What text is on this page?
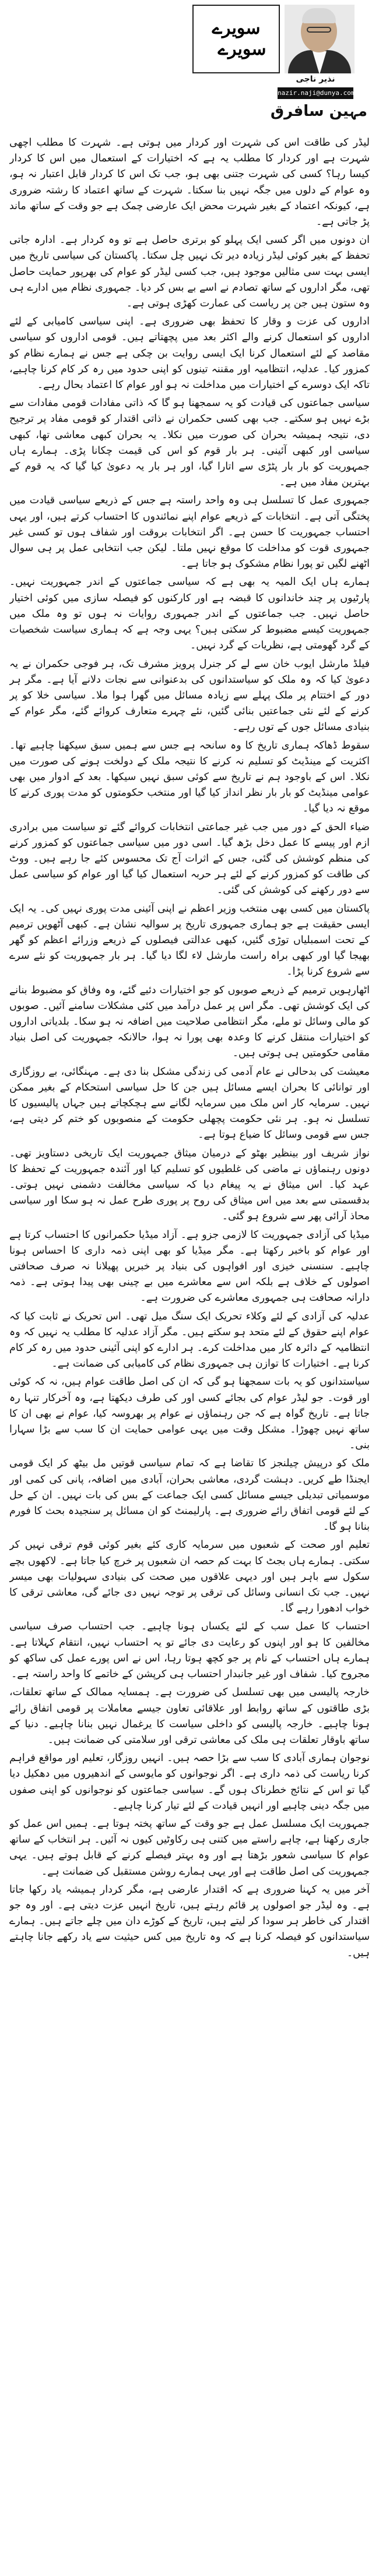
سویرے
سویرے
نذیر ناجی
nazir.naji@dunya.com.pk
مہین سافرق

لیڈر کی طاقت اس کی شہرت اور کردار میں ہوتی ہے۔ شہرت کا مطلب اچھی شہرت ہے اور کردار کا مطلب یہ ہے کہ اختیارات کے استعمال میں اس کا کردار کیسا رہا؟ کسی کی شہرت جتنی بھی ہو، جب تک اس کا کردار قابل اعتبار نہ ہو، وہ عوام کے دلوں میں جگہ نہیں بنا سکتا۔ شہرت کے ساتھ اعتماد کا رشتہ ضروری ہے، کیونکہ اعتماد کے بغیر شہرت محض ایک عارضی چمک ہے جو وقت کے ساتھ ماند پڑ جاتی ہے۔

ان دونوں میں اگر کسی ایک پہلو کو برتری حاصل ہے تو وہ کردار ہے۔ ادارہ جاتی تحفظ کے بغیر کوئی لیڈر زیادہ دیر تک نہیں چل سکتا۔ پاکستان کی سیاسی تاریخ میں ایسی بہت سی مثالیں موجود ہیں، جب کسی لیڈر کو عوام کی بھرپور حمایت حاصل تھی، مگر اداروں کے ساتھ تصادم نے اسے بے بس کر دیا۔ جمہوری نظام میں ادارے ہی وہ ستون ہیں جن پر ریاست کی عمارت کھڑی ہوتی ہے۔

اداروں کی عزت و وقار کا تحفظ بھی ضروری ہے۔ اپنی سیاسی کامیابی کے لئے اداروں کو استعمال کرنے والے اکثر بعد میں پچھتاتے ہیں۔ قومی اداروں کو سیاسی مقاصد کے لئے استعمال کرنا ایک ایسی روایت بن چکی ہے جس نے ہمارے نظام کو کمزور کیا۔ عدلیہ، انتظامیہ اور مقننہ تینوں کو اپنی حدود میں رہ کر کام کرنا چاہیے، تاکہ ایک دوسرے کے اختیارات میں مداخلت نہ ہو اور عوام کا اعتماد بحال رہے۔

سیاسی جماعتوں کی قیادت کو یہ سمجھنا ہو گا کہ ذاتی مفادات قومی مفادات سے بڑے نہیں ہو سکتے۔ جب بھی کسی حکمران نے ذاتی اقتدار کو قومی مفاد پر ترجیح دی، نتیجہ ہمیشہ بحران کی صورت میں نکلا۔ یہ بحران کبھی معاشی تھا، کبھی سیاسی اور کبھی آئینی۔ ہر بار قوم کو اس کی قیمت چکانا پڑی۔ ہمارے ہاں جمہوریت کو بار بار پٹڑی سے اتارا گیا، اور ہر بار یہ دعویٰ کیا گیا کہ یہ قوم کے بہترین مفاد میں ہے۔

جمہوری عمل کا تسلسل ہی وہ واحد راستہ ہے جس کے ذریعے سیاسی قیادت میں پختگی آتی ہے۔ انتخابات کے ذریعے عوام اپنے نمائندوں کا احتساب کرتے ہیں، اور یہی احتساب جمہوریت کا حسن ہے۔ اگر انتخابات بروقت اور شفاف ہوں تو کسی غیر جمہوری قوت کو مداخلت کا موقع نہیں ملتا۔ لیکن جب انتخابی عمل پر ہی سوال اٹھنے لگیں تو پورا نظام مشکوک ہو جاتا ہے۔

ہمارے ہاں ایک المیہ یہ بھی ہے کہ سیاسی جماعتوں کے اندر جمہوریت نہیں۔ پارٹیوں پر چند خاندانوں کا قبضہ ہے اور کارکنوں کو فیصلہ سازی میں کوئی اختیار حاصل نہیں۔ جب جماعتوں کے اندر جمہوری روایات نہ ہوں تو وہ ملک میں جمہوریت کیسے مضبوط کر سکتی ہیں؟ یہی وجہ ہے کہ ہماری سیاست شخصیات کے گرد گھومتی ہے، نظریات کے گرد نہیں۔

فیلڈ مارشل ایوب خان سے لے کر جنرل پرویز مشرف تک، ہر فوجی حکمران نے یہ دعویٰ کیا کہ وہ ملک کو سیاستدانوں کی بدعنوانی سے نجات دلانے آیا ہے۔ مگر ہر دور کے اختتام پر ملک پہلے سے زیادہ مسائل میں گھرا ہوا ملا۔ سیاسی خلا کو پر کرنے کے لئے نئی جماعتیں بنائی گئیں، نئے چہرے متعارف کروائے گئے، مگر عوام کے بنیادی مسائل جوں کے توں رہے۔

سقوط ڈھاکہ ہماری تاریخ کا وہ سانحہ ہے جس سے ہمیں سبق سیکھنا چاہیے تھا۔ اکثریت کے مینڈیٹ کو تسلیم نہ کرنے کا نتیجہ ملک کے دولخت ہونے کی صورت میں نکلا۔ اس کے باوجود ہم نے تاریخ سے کوئی سبق نہیں سیکھا۔ بعد کے ادوار میں بھی عوامی مینڈیٹ کو بار بار نظر انداز کیا گیا اور منتخب حکومتوں کو مدت پوری کرنے کا موقع نہ دیا گیا۔

ضیاء الحق کے دور میں جب غیر جماعتی انتخابات کروائے گئے تو سیاست میں برادری ازم اور پیسے کا عمل دخل بڑھ گیا۔ اسی دور میں سیاسی جماعتوں کو کمزور کرنے کی منظم کوشش کی گئی، جس کے اثرات آج تک محسوس کئے جا رہے ہیں۔ ووٹ کی طاقت کو کمزور کرنے کے لئے ہر حربہ استعمال کیا گیا اور عوام کو سیاسی عمل سے دور رکھنے کی کوشش کی گئی۔

پاکستان میں کسی بھی منتخب وزیر اعظم نے اپنی آئینی مدت پوری نہیں کی۔ یہ ایک ایسی حقیقت ہے جو ہماری جمہوری تاریخ پر سوالیہ نشان ہے۔ کبھی آٹھویں ترمیم کے تحت اسمبلیاں توڑی گئیں، کبھی عدالتی فیصلوں کے ذریعے وزرائے اعظم کو گھر بھیجا گیا اور کبھی براہ راست مارشل لاء لگا دیا گیا۔ ہر بار جمہوریت کو نئے سرے سے شروع کرنا پڑا۔

اٹھارہویں ترمیم کے ذریعے صوبوں کو جو اختیارات دئیے گئے، وہ وفاق کو مضبوط بنانے کی ایک کوشش تھی۔ مگر اس پر عمل درآمد میں کئی مشکلات سامنے آئیں۔ صوبوں کو مالی وسائل تو ملے، مگر انتظامی صلاحیت میں اضافہ نہ ہو سکا۔ بلدیاتی اداروں کو اختیارات منتقل کرنے کا وعدہ بھی پورا نہ ہوا، حالانکہ جمہوریت کی اصل بنیاد مقامی حکومتیں ہی ہوتی ہیں۔

معیشت کی بدحالی نے عام آدمی کی زندگی مشکل بنا دی ہے۔ مہنگائی، بے روزگاری اور توانائی کا بحران ایسے مسائل ہیں جن کا حل سیاسی استحکام کے بغیر ممکن نہیں۔ سرمایہ کار اس ملک میں سرمایہ لگانے سے ہچکچاتے ہیں جہاں پالیسیوں کا تسلسل نہ ہو۔ ہر نئی حکومت پچھلی حکومت کے منصوبوں کو ختم کر دیتی ہے، جس سے قومی وسائل کا ضیاع ہوتا ہے۔

نواز شریف اور بینظیر بھٹو کے درمیان میثاق جمہوریت ایک تاریخی دستاویز تھی۔ دونوں رہنماؤں نے ماضی کی غلطیوں کو تسلیم کیا اور آئندہ جمہوریت کے تحفظ کا عہد کیا۔ اس میثاق نے یہ پیغام دیا کہ سیاسی مخالفت دشمنی نہیں ہوتی۔ بدقسمتی سے بعد میں اس میثاق کی روح پر پوری طرح عمل نہ ہو سکا اور سیاسی محاذ آرائی پھر سے شروع ہو گئی۔

میڈیا کی آزادی جمہوریت کا لازمی جزو ہے۔ آزاد میڈیا حکمرانوں کا احتساب کرتا ہے اور عوام کو باخبر رکھتا ہے۔ مگر میڈیا کو بھی اپنی ذمہ داری کا احساس ہونا چاہیے۔ سنسنی خیزی اور افواہوں کی بنیاد پر خبریں پھیلانا نہ صرف صحافتی اصولوں کے خلاف ہے بلکہ اس سے معاشرے میں بے چینی بھی پیدا ہوتی ہے۔ ذمہ دارانہ صحافت ہی جمہوری معاشرے کی ضرورت ہے۔

عدلیہ کی آزادی کے لئے وکلاء تحریک ایک سنگ میل تھی۔ اس تحریک نے ثابت کیا کہ عوام اپنے حقوق کے لئے متحد ہو سکتے ہیں۔ مگر آزاد عدلیہ کا مطلب یہ نہیں کہ وہ انتظامیہ کے دائرہ کار میں مداخلت کرے۔ ہر ادارے کو اپنی آئینی حدود میں رہ کر کام کرنا ہے۔ اختیارات کا توازن ہی جمہوری نظام کی کامیابی کی ضمانت ہے۔

سیاستدانوں کو یہ بات سمجھنا ہو گی کہ ان کی اصل طاقت عوام ہیں، نہ کہ کوئی اور قوت۔ جو لیڈر عوام کی بجائے کسی اور کی طرف دیکھتا ہے، وہ آخرکار تنہا رہ جاتا ہے۔ تاریخ گواہ ہے کہ جن رہنماؤں نے عوام پر بھروسہ کیا، عوام نے بھی ان کا ساتھ نہیں چھوڑا۔ مشکل وقت میں یہی عوامی حمایت ان کا سب سے بڑا سہارا بنی۔

ملک کو درپیش چیلنجز کا تقاضا ہے کہ تمام سیاسی قوتیں مل بیٹھ کر ایک قومی ایجنڈا طے کریں۔ دہشت گردی، معاشی بحران، آبادی میں اضافہ، پانی کی کمی اور موسمیاتی تبدیلی جیسے مسائل کسی ایک جماعت کے بس کی بات نہیں۔ ان کے حل کے لئے قومی اتفاق رائے ضروری ہے۔ پارلیمنٹ کو ان مسائل پر سنجیدہ بحث کا فورم بنانا ہو گا۔

تعلیم اور صحت کے شعبوں میں سرمایہ کاری کئے بغیر کوئی قوم ترقی نہیں کر سکتی۔ ہمارے ہاں بجٹ کا بہت کم حصہ ان شعبوں پر خرچ کیا جاتا ہے۔ لاکھوں بچے سکول سے باہر ہیں اور دیہی علاقوں میں صحت کی بنیادی سہولیات بھی میسر نہیں۔ جب تک انسانی وسائل کی ترقی پر توجہ نہیں دی جائے گی، معاشی ترقی کا خواب ادھورا رہے گا۔

احتساب کا عمل سب کے لئے یکساں ہونا چاہیے۔ جب احتساب صرف سیاسی مخالفین کا ہو اور اپنوں کو رعایت دی جائے تو یہ احتساب نہیں، انتقام کہلاتا ہے۔ ہمارے ہاں احتساب کے نام پر جو کچھ ہوتا رہا، اس نے اس پورے عمل کی ساکھ کو مجروح کیا۔ شفاف اور غیر جانبدار احتساب ہی کرپشن کے خاتمے کا واحد راستہ ہے۔

خارجہ پالیسی میں بھی تسلسل کی ضرورت ہے۔ ہمسایہ ممالک کے ساتھ تعلقات، بڑی طاقتوں کے ساتھ روابط اور علاقائی تعاون جیسے معاملات پر قومی اتفاق رائے ہونا چاہیے۔ خارجہ پالیسی کو داخلی سیاست کا یرغمال نہیں بنانا چاہیے۔ دنیا کے ساتھ باوقار تعلقات ہی ملک کی معاشی ترقی اور سلامتی کی ضمانت ہیں۔

نوجوان ہماری آبادی کا سب سے بڑا حصہ ہیں۔ انہیں روزگار، تعلیم اور مواقع فراہم کرنا ریاست کی ذمہ داری ہے۔ اگر نوجوانوں کو مایوسی کے اندھیروں میں دھکیل دیا گیا تو اس کے نتائج خطرناک ہوں گے۔ سیاسی جماعتوں کو نوجوانوں کو اپنی صفوں میں جگہ دینی چاہیے اور انہیں قیادت کے لئے تیار کرنا چاہیے۔

جمہوریت ایک مسلسل عمل ہے جو وقت کے ساتھ پختہ ہوتا ہے۔ ہمیں اس عمل کو جاری رکھنا ہے، چاہے راستے میں کتنی ہی رکاوٹیں کیوں نہ آئیں۔ ہر انتخاب کے ساتھ عوام کا سیاسی شعور بڑھتا ہے اور وہ بہتر فیصلے کرنے کے قابل ہوتے ہیں۔ یہی جمہوریت کی اصل طاقت ہے اور یہی ہمارے روشن مستقبل کی ضمانت ہے۔

آخر میں یہ کہنا ضروری ہے کہ اقتدار عارضی ہے، مگر کردار ہمیشہ یاد رکھا جاتا ہے۔ وہ لیڈر جو اصولوں پر قائم رہتے ہیں، تاریخ انہیں عزت دیتی ہے۔ اور وہ جو اقتدار کی خاطر ہر سودا کر لیتے ہیں، تاریخ کے کوڑے دان میں چلے جاتے ہیں۔ ہمارے سیاستدانوں کو فیصلہ کرنا ہے کہ وہ تاریخ میں کس حیثیت سے یاد رکھے جانا چاہتے ہیں۔
